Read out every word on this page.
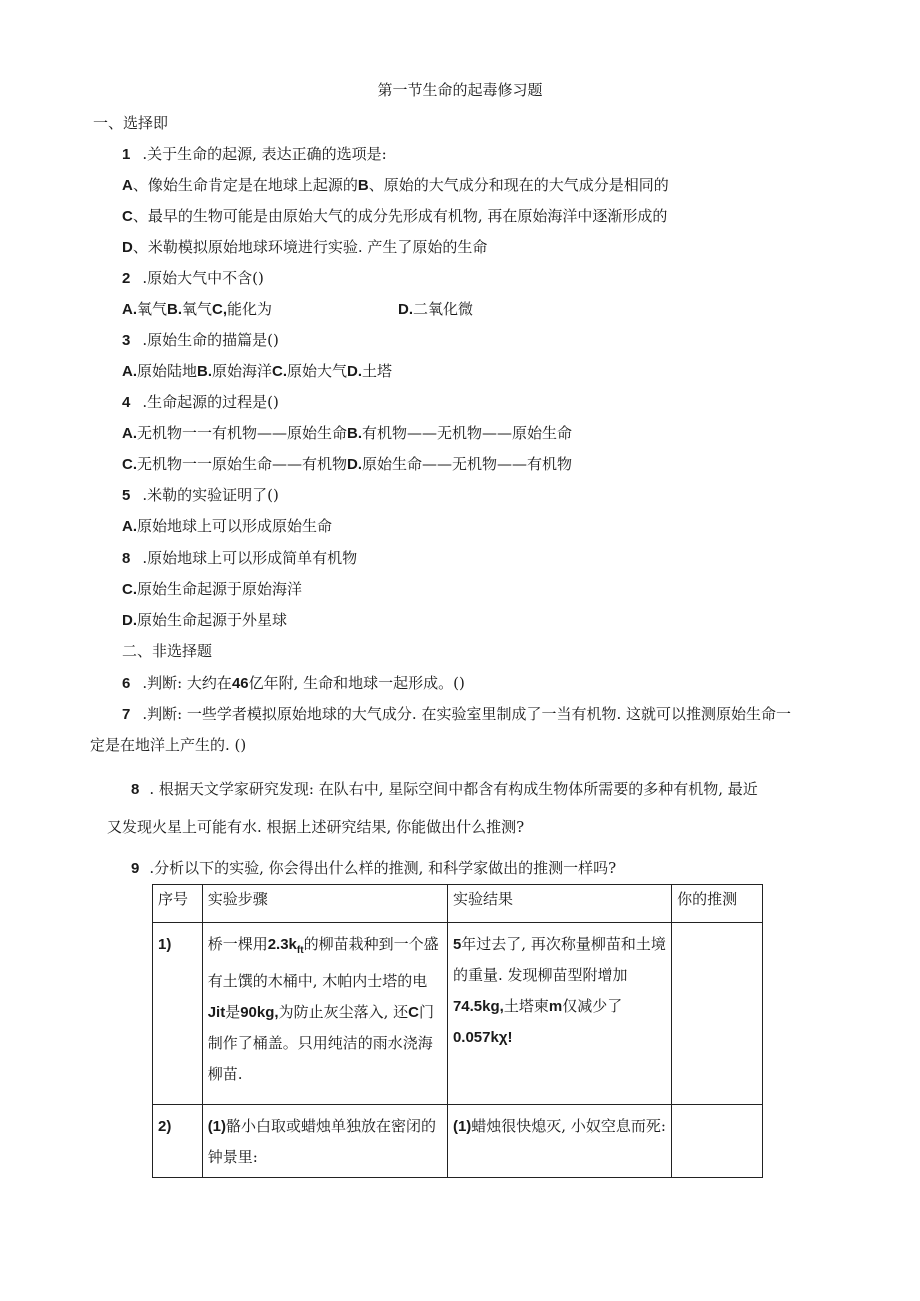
第一节生命的起毒修习题
一、选择即
1 .关于生命的起源, 表达正确的选项是:
A、像始生命肯定是在地球上起源的B、原始的大气成分和现在的大气成分是相同的
C、最早的生物可能是由原始大气的成分先形成有机物, 再在原始海洋中逐渐形成的
D、米勒模拟原始地球环境进行实验. 产生了原始的生命
2 .原始大气中不含()
A.氧气B.氧气C,能化为	D.二氧化微
3 .原始生命的描篇是()
A.原始陆地B.原始海洋C.原始大气D.土塔
4 .生命起源的过程是()
A.无机物一一有机物——原始生命B.有机物——无机物——原始生命
C.无机物一一原始生命——有机物D.原始生命——无机物——有机物
5 .米勒的实验证明了()
A.原始地球上可以形成原始生命
8 .原始地球上可以形成简单有机物
C.原始生命起源于原始海洋
D.原始生命起源于外星球
二、非选择题
6 .判断: 大约在46亿年附, 生命和地球一起形成。()
7 .判断: 一些学者模拟原始地球的大气成分. 在实验室里制成了一当有机物. 这就可以推测原始生命一
定是在地洋上产生的. ()
8 . 根据天文学家研究发现: 在队右中, 星际空间中都含有构成生物体所需要的多种有机物, 最近
又发现火星上可能有水. 根据上述研究结果, 你能做出什么推测?
9 .分析以下的实验, 你会得出什么样的推测, 和科学家做出的推测一样吗?
序号	实验步骤	实验结果	你的推测
1)	桥一棵用$2.3k_{ft}$的柳苗栽种到一个盛有土馔的木桶中, 木帕内士塔的电Jit是90kg,为防止灰尘落入, 还C门制作了桶盖。只用纯洁的雨水浇海柳苗.	5年过去了, 再次称量柳苗和土境的重量. 发现柳苗型附增加74.5kg,土塔柬m仅减少了
0.057kχ!	
2)	(1)骼小白取或蜡烛单独放在密闭的钟景里:	(1)蜡烛很快熄灭, 小奴空息而死:	
